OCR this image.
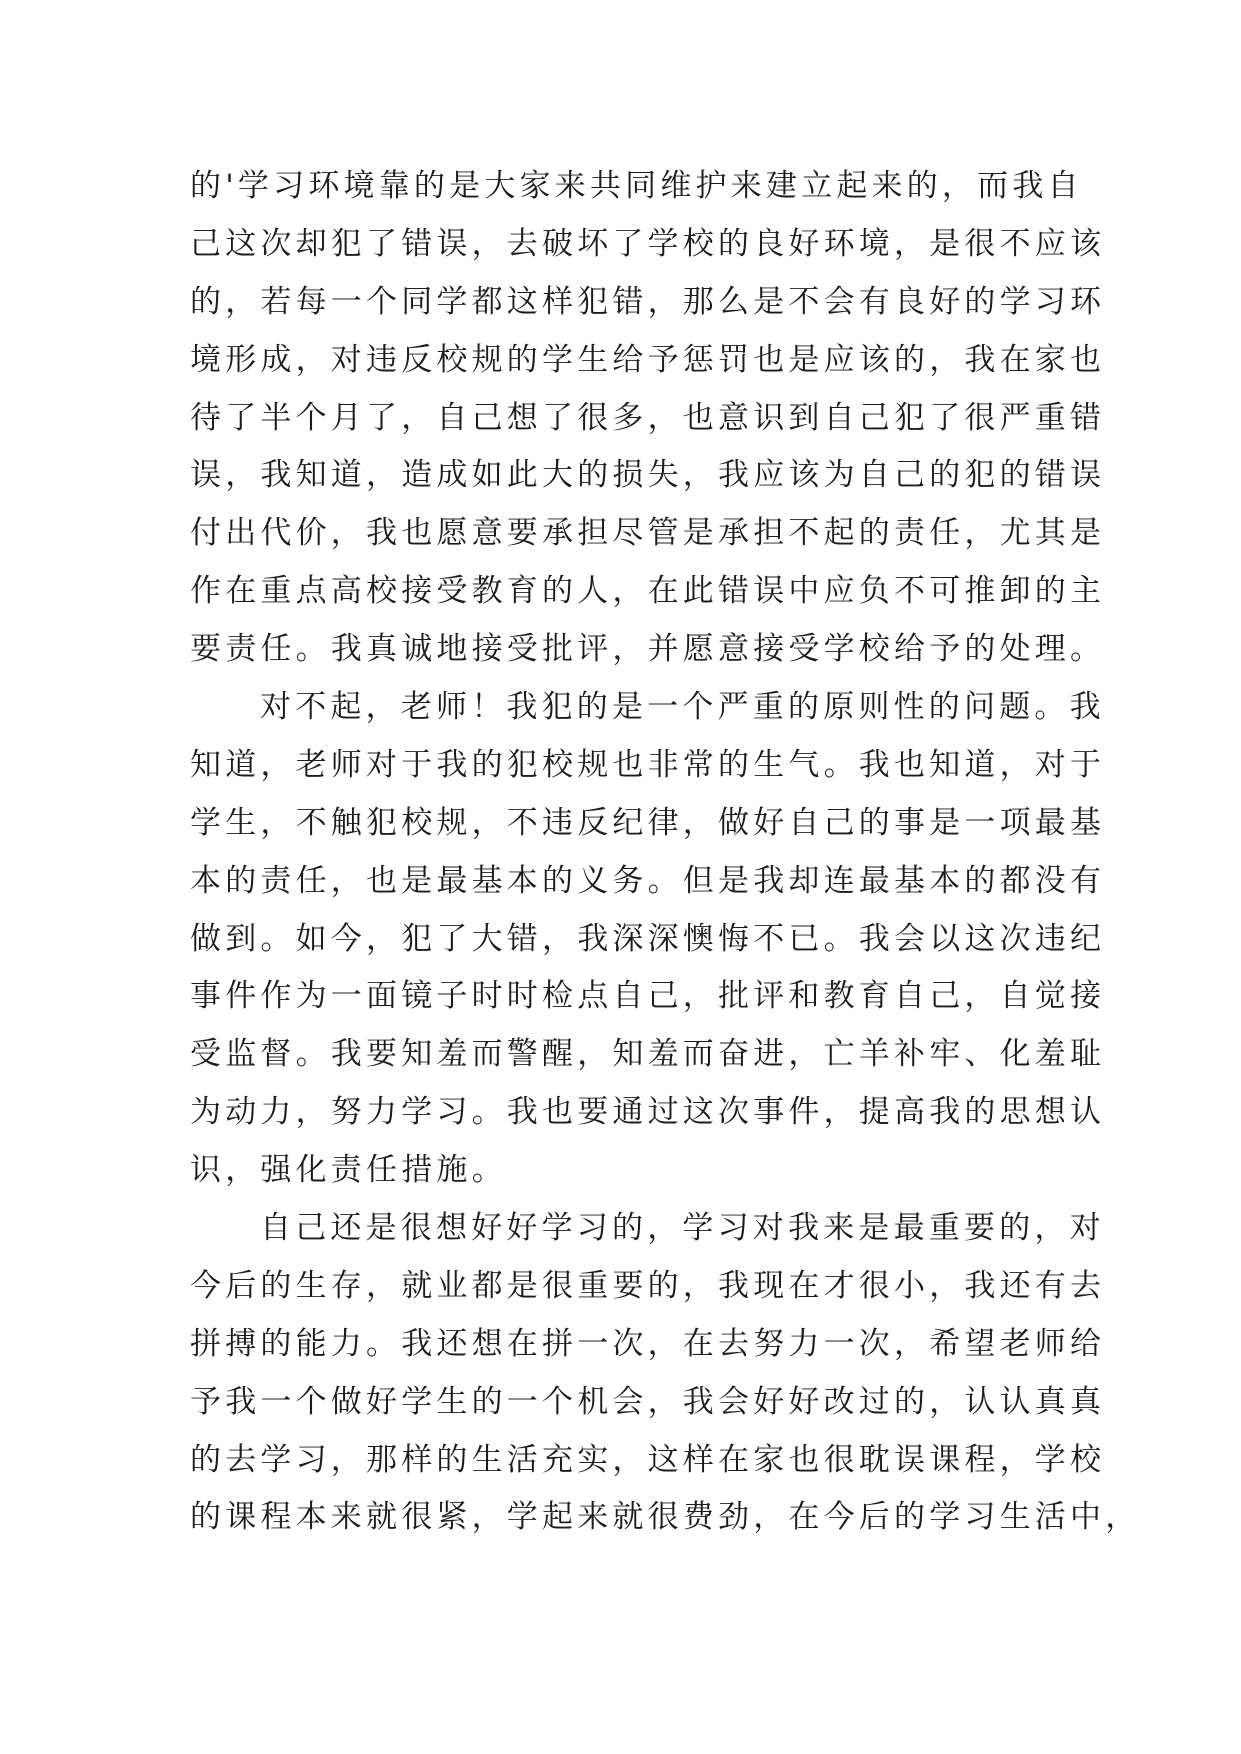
的'学习环境靠的是大家来共同维护来建立起来的，而我自
己这次却犯了错误，去破坏了学校的良好环境，是很不应该
的，若每一个同学都这样犯错，那么是不会有良好的学习环
境形成，对违反校规的学生给予惩罚也是应该的，我在家也
待了半个月了，自己想了很多，也意识到自己犯了很严重错
误，我知道，造成如此大的损失，我应该为自己的犯的错误
付出代价，我也愿意要承担尽管是承担不起的责任，尤其是
作在重点高校接受教育的人，在此错误中应负不可推卸的主
要责任。我真诚地接受批评，并愿意接受学校给予的处理。
对不起，老师！我犯的是一个严重的原则性的问题。我
知道，老师对于我的犯校规也非常的生气。我也知道，对于
学生，不触犯校规，不违反纪律，做好自己的事是一项最基
本的责任，也是最基本的义务。但是我却连最基本的都没有
做到。如今，犯了大错，我深深懊悔不已。我会以这次违纪
事件作为一面镜子时时检点自己，批评和教育自己，自觉接
受监督。我要知羞而警醒，知羞而奋进，亡羊补牢、化羞耻
为动力，努力学习。我也要通过这次事件，提高我的思想认
识，强化责任措施。
自己还是很想好好学习的，学习对我来是最重要的，对
今后的生存，就业都是很重要的，我现在才很小，我还有去
拼搏的能力。我还想在拼一次，在去努力一次，希望老师给
予我一个做好学生的一个机会，我会好好改过的，认认真真
的去学习，那样的生活充实，这样在家也很耽误课程，学校
的课程本来就很紧，学起来就很费劲，在今后的学习生活中，
